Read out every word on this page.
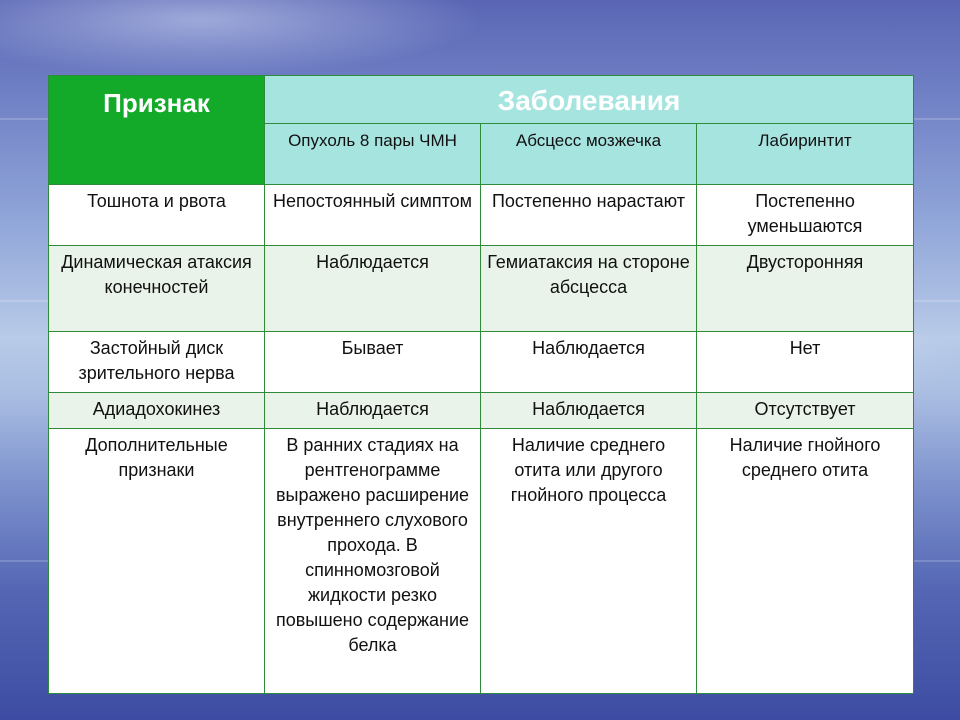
Признак	Заболевания		
	Опухоль 8 пары ЧМН	Абсцесс мозжечка	Лабиринтит
Тошнота и рвота	Непостоянный симптом	Постепенно нарастают	Постепенно уменьшаются
Динамическая атаксия конечностей	Наблюдается	Гемиатаксия на стороне абсцесса	Двусторонняя
Застойный диск зрительного нерва	Бывает	Наблюдается	Нет
Адиадохокинез	Наблюдается	Наблюдается	Отсутствует
Дополнительные признаки	В ранних стадиях на рентгенограмме выражено расширение внутреннего слухового прохода. В спинномозговой жидкости резко повышено содержание белка	Наличие среднего отита или другого гнойного процесса	Наличие гнойного среднего отита
